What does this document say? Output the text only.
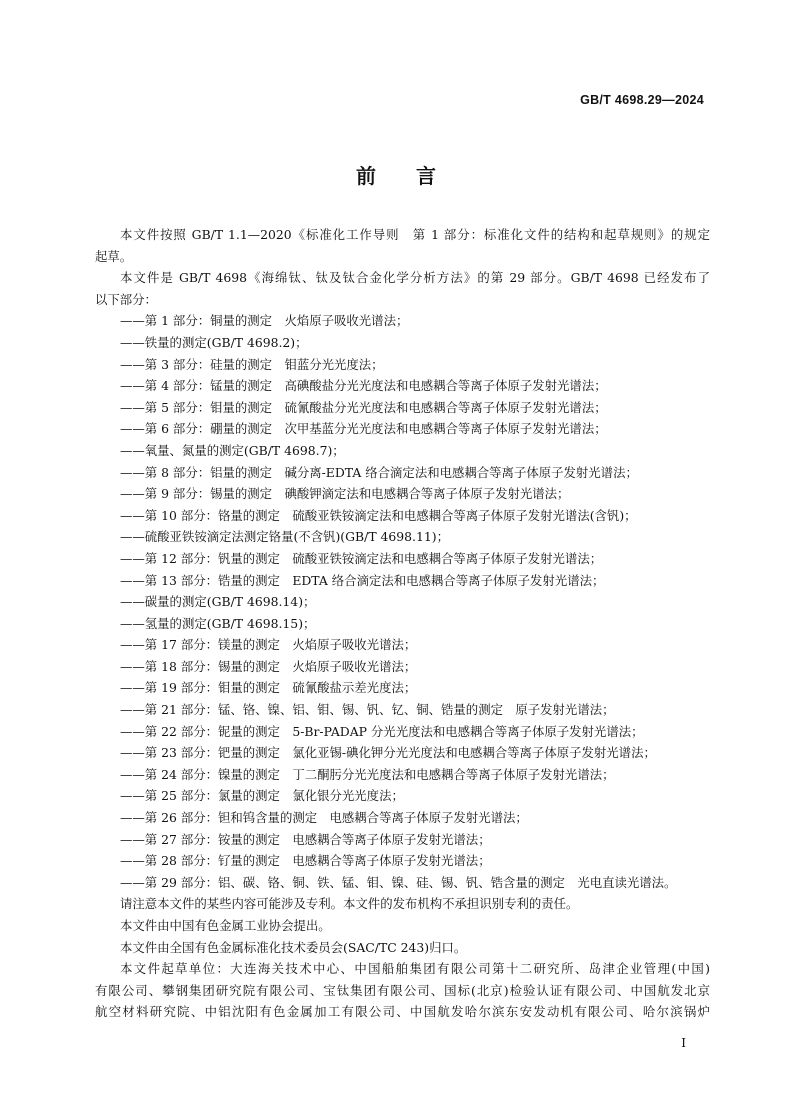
GB/T 4698.29—2024
前 言
本文件按照 GB/T 1.1—2020《标准化工作导则　第 1 部分：标准化文件的结构和起草规则》的规定
起草。
本文件是 GB/T 4698《海绵钛、钛及钛合金化学分析方法》的第 29 部分。GB/T 4698 已经发布了
以下部分：
——第 1 部分：铜量的测定　火焰原子吸收光谱法；
——铁量的测定(GB/T 4698.2)；
——第 3 部分：硅量的测定　钼蓝分光光度法；
——第 4 部分：锰量的测定　高碘酸盐分光光度法和电感耦合等离子体原子发射光谱法；
——第 5 部分：钼量的测定　硫氰酸盐分光光度法和电感耦合等离子体原子发射光谱法；
——第 6 部分：硼量的测定　次甲基蓝分光光度法和电感耦合等离子体原子发射光谱法；
——氧量、氮量的测定(GB/T 4698.7)；
——第 8 部分：铝量的测定　碱分离-EDTA 络合滴定法和电感耦合等离子体原子发射光谱法；
——第 9 部分：锡量的测定　碘酸钾滴定法和电感耦合等离子体原子发射光谱法；
——第 10 部分：铬量的测定　硫酸亚铁铵滴定法和电感耦合等离子体原子发射光谱法(含钒)；
——硫酸亚铁铵滴定法测定铬量(不含钒)(GB/T 4698.11)；
——第 12 部分：钒量的测定　硫酸亚铁铵滴定法和电感耦合等离子体原子发射光谱法；
——第 13 部分：锆量的测定　EDTA 络合滴定法和电感耦合等离子体原子发射光谱法；
——碳量的测定(GB/T 4698.14)；
——氢量的测定(GB/T 4698.15)；
——第 17 部分：镁量的测定　火焰原子吸收光谱法；
——第 18 部分：锡量的测定　火焰原子吸收光谱法；
——第 19 部分：钼量的测定　硫氰酸盐示差光度法；
——第 21 部分：锰、铬、镍、铝、钼、锡、钒、钇、铜、锆量的测定　原子发射光谱法；
——第 22 部分：铌量的测定　5-Br-PADAP 分光光度法和电感耦合等离子体原子发射光谱法；
——第 23 部分：钯量的测定　氯化亚锡-碘化钾分光光度法和电感耦合等离子体原子发射光谱法；
——第 24 部分：镍量的测定　丁二酮肟分光光度法和电感耦合等离子体原子发射光谱法；
——第 25 部分：氯量的测定　氯化银分光光度法；
——第 26 部分：钽和钨含量的测定　电感耦合等离子体原子发射光谱法；
——第 27 部分：铵量的测定　电感耦合等离子体原子发射光谱法；
——第 28 部分：钌量的测定　电感耦合等离子体原子发射光谱法；
——第 29 部分：铝、碳、铬、铜、铁、锰、钼、镍、硅、锡、钒、锆含量的测定　光电直读光谱法。
请注意本文件的某些内容可能涉及专利。本文件的发布机构不承担识别专利的责任。
本文件由中国有色金属工业协会提出。
本文件由全国有色金属标准化技术委员会(SAC/TC 243)归口。
本文件起草单位：大连海关技术中心、中国船舶集团有限公司第十二研究所、岛津企业管理(中国)
有限公司、攀钢集团研究院有限公司、宝钛集团有限公司、国标(北京)检验认证有限公司、中国航发北京
航空材料研究院、中铝沈阳有色金属加工有限公司、中国航发哈尔滨东安发动机有限公司、哈尔滨锅炉
I
